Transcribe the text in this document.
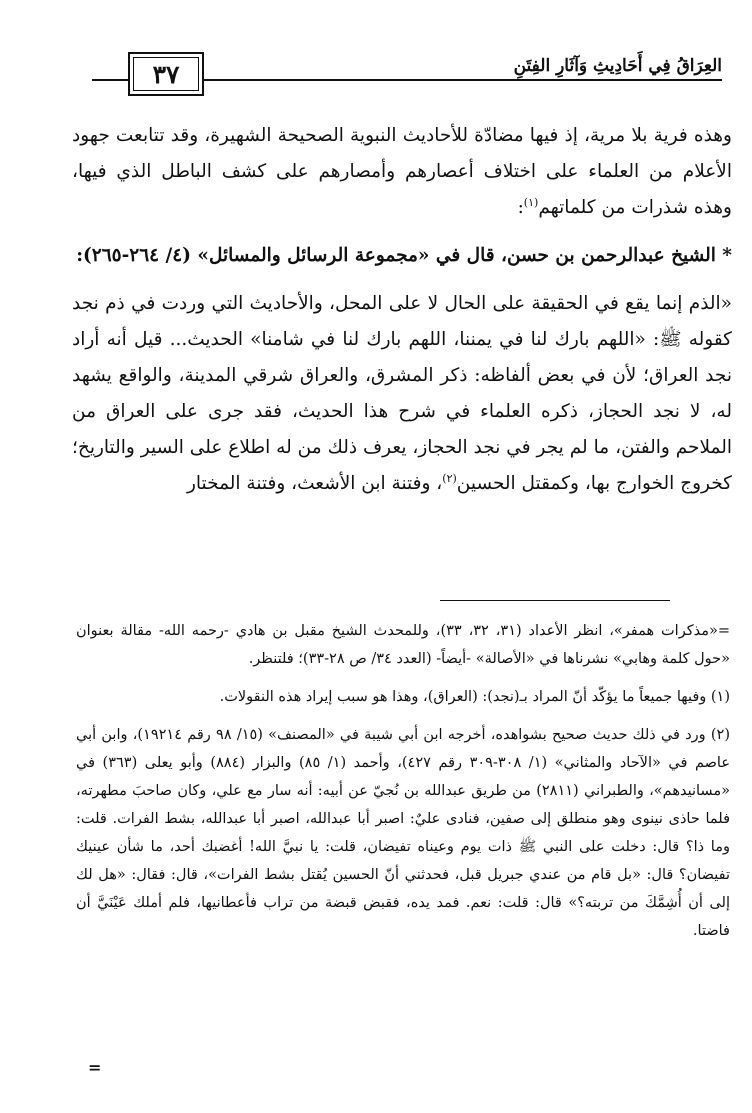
٣٧	العِرَاقُ فِي أَحَادِيثِ وَآثَارِ الفِتَنِ

وهذه فرية بلا مرية، إذ فيها مضادّة للأحاديث النبوية الصحيحة الشهيرة، وقد تتابعت جهود الأعلام من العلماء على اختلاف أعصارهم وأمصارهم على كشف الباطل الذي فيها، وهذه شذرات من كلماتهم$^{(١)}$:

* الشيخ عبدالرحمن بن حسن، قال في «مجموعة الرسائل والمسائل» (٤/ ٢٦٤-٢٦٥):

«الذم إنما يقع في الحقيقة على الحال لا على المحل، والأحاديث التي وردت في ذم نجد كقوله ﷺ: «اللهم بارك لنا في يمننا، اللهم بارك لنا في شامنا» الحديث... قيل أنه أراد نجد العراق؛ لأن في بعض ألفاظه: ذكر المشرق، والعراق شرقي المدينة، والواقع يشهد له، لا نجد الحجاز، ذكره العلماء في شرح هذا الحديث، فقد جرى على العراق من الملاحم والفتن، ما لم يجر في نجد الحجاز، يعرف ذلك من له اطلاع على السير والتاريخ؛ كخروج الخوارج بها، وكمقتل الحسين$^{(٢)}$، وفتنة ابن الأشعث، وفتنة المختار

=«مذكرات همفر»، انظر الأعداد (٣١، ٣٢، ٣٣)، وللمحدث الشيخ مقبل بن هادي -رحمه الله- مقالة بعنوان «حول كلمة وهابي» نشرناها في «الأصالة» -أيضاً- (العدد ٣٤/ ص ٢٨-٣٣)؛ فلتنظر.

(١) وفيها جميعاً ما يؤكّد أنّ المراد بـ(نجد): (العراق)، وهذا هو سبب إيراد هذه النقولات.

(٢) ورد في ذلك حديث صحيح بشواهده، أخرجه ابن أبي شيبة في «المصنف» (١٥/ ٩٨ رقم ١٩٢١٤)، وابن أبي عاصم في «الآحاد والمثاني» (١/ ٣٠٨-٣٠٩ رقم ٤٢٧)، وأحمد (١/ ٨٥) والبزار (٨٨٤) وأبو يعلى (٣٦٣) في «مسانيدهم»، والطبراني (٢٨١١) من طريق عبدالله بن نُجيّ عن أبيه: أنه سار مع علي، وكان صاحبَ مطهرته، فلما حاذى نينوى وهو منطلق إلى صفين، فنادى عليٌ: اصبر أبا عبدالله، اصبر أبا عبدالله، بشط الفرات. قلت: وما ذا؟ قال: دخلت على النبي ﷺ ذات يوم وعيناه تفيضان، قلت: يا نبيَّ الله! أغضبك أحد، ما شأن عينيك تفيضان؟ قال: «بل قام من عندي جبريل قبل، فحدثني أنّ الحسين يُقتل بشط الفرات»، قال: فقال: «هل لك إلى أن أُشِمَّكَ من تربته؟» قال: قلت: نعم. فمد يده، فقبض قبضة من تراب فأعطانيها، فلم أملك عَيْنَيَّ أن فاضتا.

=
